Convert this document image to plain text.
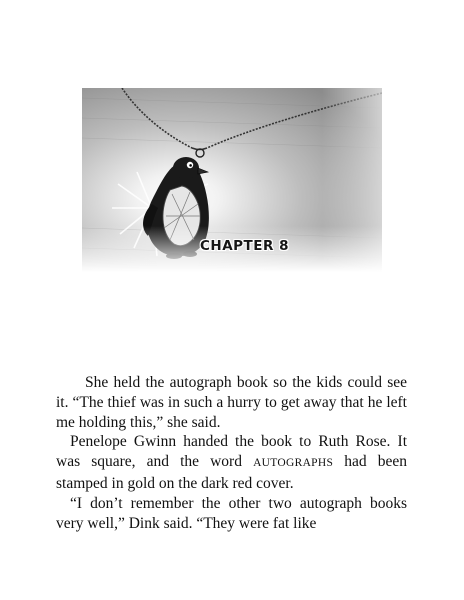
CHAPTER 8

She held the autograph book so the kids could see it. “The thief was in such a hurry to get away that he left me holding this,” she said.

Penelope Gwinn handed the book to Ruth Rose. It was square, and the word AUTOGRAPHS had been stamped in gold on the dark red cover.

“I don’t remember the other two autograph books very well,” Dink said. “They were fat like
